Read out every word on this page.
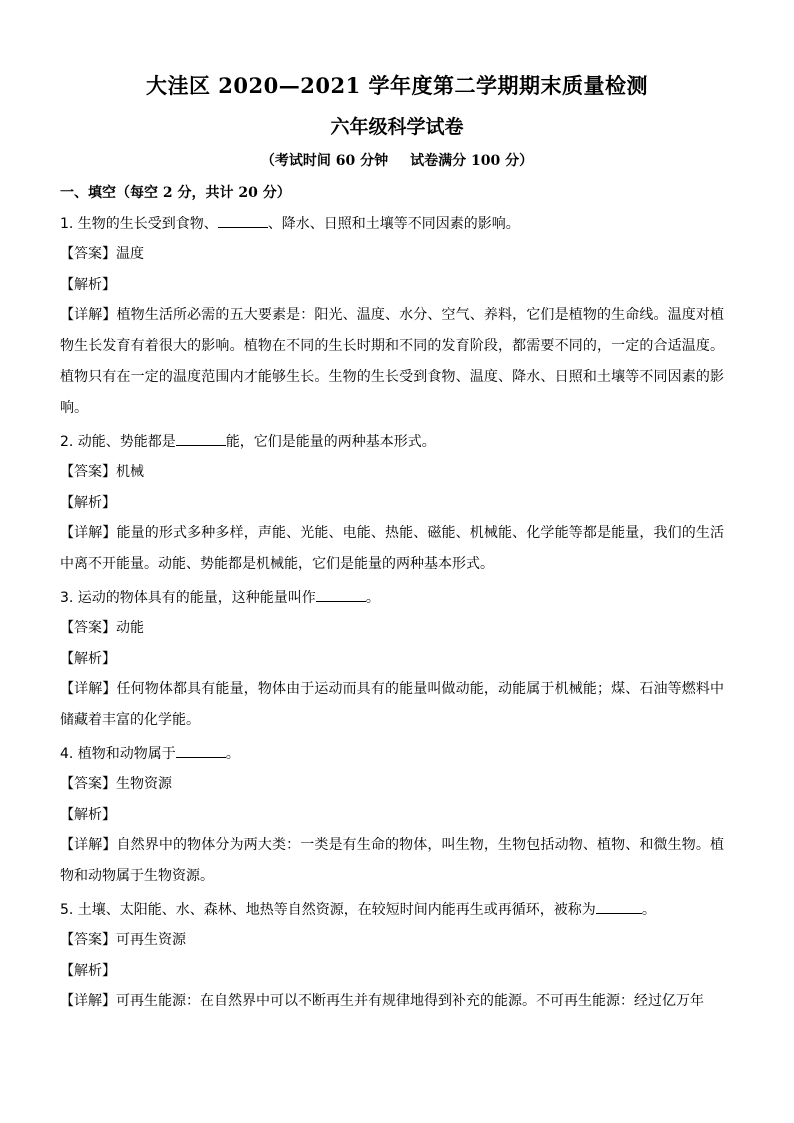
大洼区 2020—2021 学年度第二学期期末质量检测
六年级科学试卷
（考试时间 60 分钟 试卷满分 100 分）
一、填空（每空 2 分，共计 20 分）
1. 生物的生长受到食物、	、降水、日照和土壤等不同因素的影响。
【答案】温度
【解析】
【详解】植物生活所必需的五大要素是：阳光、温度、水分、空气、养料，它们是植物的生命线。温度对植物生长发育有着很大的影响。植物在不同的生长时期和不同的发育阶段，都需要不同的，一定的合适温度。植物只有在一定的温度范围内才能够生长。生物的生长受到食物、温度、降水、日照和土壤等不同因素的影响。
2. 动能、势能都是	能，它们是能量的两种基本形式。
【答案】机械
【解析】
【详解】能量的形式多种多样，声能、光能、电能、热能、磁能、机械能、化学能等都是能量，我们的生活中离不开能量。动能、势能都是机械能，它们是能量的两种基本形式。
3. 运动的物体具有的能量，这种能量叫作	。
【答案】动能
【解析】
【详解】任何物体都具有能量，物体由于运动而具有的能量叫做动能，动能属于机械能；煤、石油等燃料中储藏着丰富的化学能。
4. 植物和动物属于	。
【答案】生物资源
【解析】
【详解】自然界中的物体分为两大类：一类是有生命的物体，叫生物，生物包括动物、植物、和微生物。植物和动物属于生物资源。
5. 土壤、太阳能、水、森林、地热等自然资源，在较短时间内能再生或再循环，被称为	。
【答案】可再生资源
【解析】
【详解】可再生能源：在自然界中可以不断再生并有规律地得到补充的能源。不可再生能源：经过亿万年
